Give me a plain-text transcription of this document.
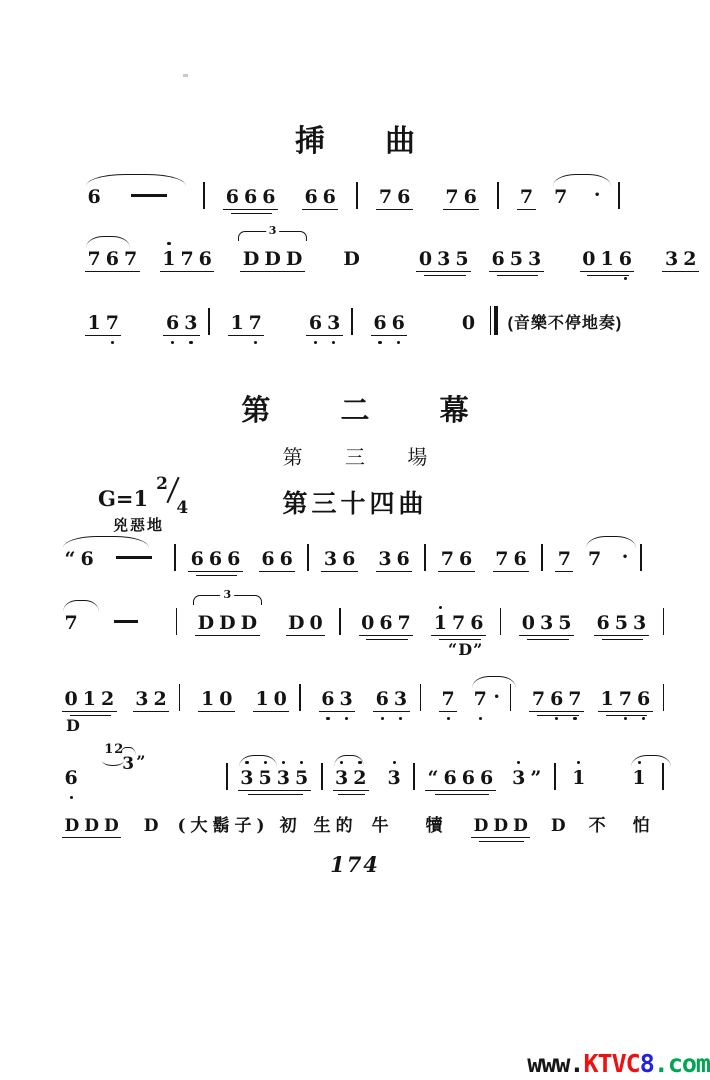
揷 曲
6	6 6 6 6 6 7 6 7 6 7 7 ·
7 6 7 1 7 6 D D D
3
D	0 3 5 6 5 3 0 1 6 3 2
1 7 6 3 1 7 6 3 6 6	0 (音樂不停地奏)
第 二 幕
第 三 場
G=1
2
4
兇惡地
第三十四曲
“ 6	6 6 6 6 6 3 6 3 6 7 6 7 6 7 7 ·
7	D D D
3
D 0 0 6 7 1 7 6 0 3 5 6 5 3
“D”
0 1 2 3 2 1 0 1 0 6 3 6 3 7 7 · 7 6 7 1 7 6
D
6
12
3 ”
3 5 3 5 3 2 3 “ 6 6 6 3 ” 1 1
D D D D ( 大 鬍 子 ) 初 生 的 牛 犢 D D D D 不 怕
174
www.KTVC8.com
